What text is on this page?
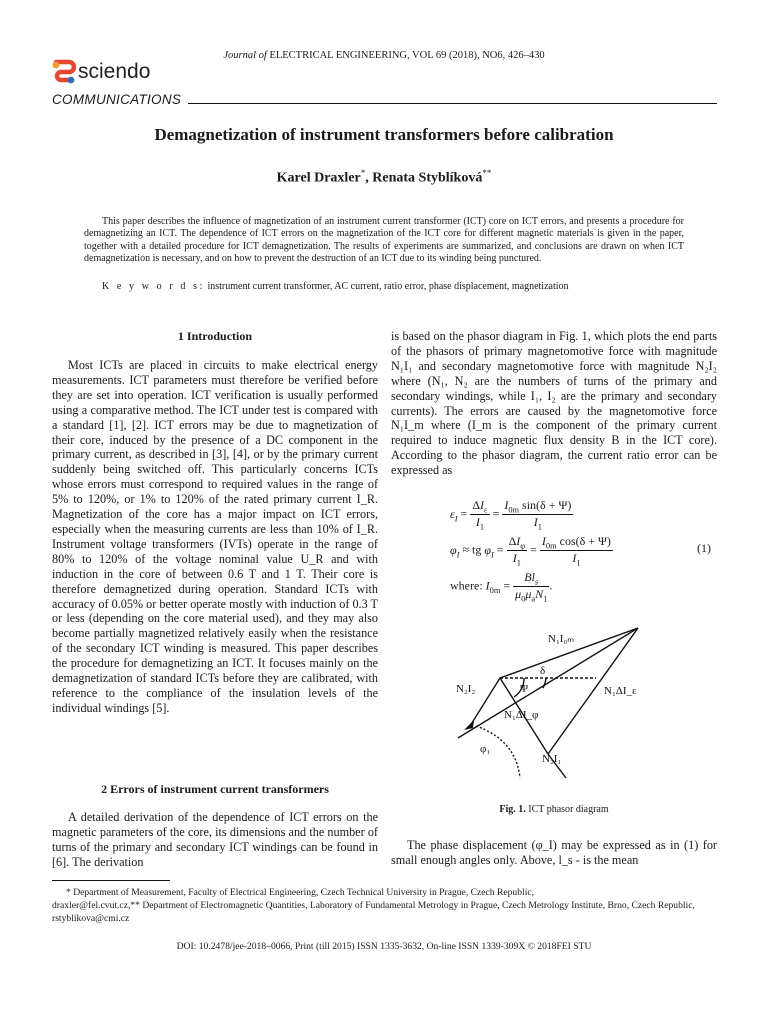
Journal of ELECTRICAL ENGINEERING, VOL 69 (2018), NO6, 426–430
sciendo
COMMUNICATIONS
Demagnetization of instrument transformers before calibration
Karel Draxler*, Renata Styblíková**
This paper describes the influence of magnetization of an instrument current transformer (ICT) core on ICT errors, and presents a procedure for demagnetizing an ICT. The dependence of ICT errors on the magnetization of the ICT core for different magnetic materials is given in the paper, together with a detailed procedure for ICT demagnetization. The results of experiments are summarized, and conclusions are drawn on when ICT demagnetization is necessary, and on how to prevent the destruction of an ICT due to its winding being punctured.
K e y w o r d s: instrument current transformer, AC current, ratio error, phase displacement, magnetization
1 Introduction

Most ICTs are placed in circuits to make electrical energy measurements. ICT parameters must therefore be verified before they are set into operation. ICT verification is usually performed using a comparative method. The ICT under test is compared with a standard [1], [2]. ICT errors may be due to magnetization of their core, induced by the presence of a DC component in the primary current, as described in [3], [4], or by the primary current suddenly being switched off. This particularly concerns ICTs whose errors must correspond to required values in the range of 5% to 120%, or 1% to 120% of the rated primary current I_R. Magnetization of the core has a major impact on ICT errors, especially when the measuring currents are less than 10% of I_R. Instrument voltage transformers (IVTs) operate in the range of 80% to 120% of the voltage nominal value U_R and with induction in the core of between 0.6 T and 1 T. Their core is therefore demagnetized during operation. Standard ICTs with accuracy of 0.05% or better operate mostly with induction of 0.3 T or less (depending on the core material used), and they may also become partially magnetized relatively easily when the resistance of the secondary ICT winding is measured. This paper describes the procedure for demagnetizing an ICT. It focuses mainly on the demagnetization of standard ICTs before they are calibrated, with reference to the compliance of the insulation levels of the individual windings [5].

2 Errors of instrument current transformers

A detailed derivation of the dependence of ICT errors on the magnetic parameters of the core, its dimensions and the number of turns of the primary and secondary ICT windings can be found in [6]. The derivation

is based on the phasor diagram in Fig. 1, which plots the end parts of the phasors of primary magnetomotive force with magnitude N₁I₁ and secondary magnetomotive force with magnitude N₂I₂ where (N₁, N₂ are the numbers of turns of the primary and secondary windings, while I₁, I₂ are the primary and secondary currents). The errors are caused by the magnetomotive force N₁I_m where (I_m is the component of the primary current required to induce magnetic flux density B in the ICT core). According to the phasor diagram, the current ratio error can be expressed as

$\varepsilon_I = \frac{\Delta I_\varepsilon}{I_1} = \frac{I_{0m} \sin(\delta + \Psi)}{I_1}$
$\varphi_I$ ≈ tg $\varphi_I = \frac{\Delta I_\varphi}{I_1} = \frac{I_{0m} \cos(\delta + \Psi)}{I_1}$
where: $I_{0m} = \frac{Bl_s}{\mu_0\mu_aN_1}$ .
(1)
N₁I₀ₘ
δ
Ψ
N₂I₂	N₁ΔI_ε
N₁ΔI_φ
φ₁
N₂I₁
Fig. 1. ICT phasor diagram

The phase displacement (φ_I) may be expressed as in (1) for small enough angles only. Above, l_s - is the mean

* Department of Measurement, Faculty of Electrical Engineering, Czech Technical University in Prague, Czech Republic,
draxler@fel.cvut.cz,** Department of Electromagnetic Quantities, Laboratory of Fundamental Metrology in Prague, Czech Metrology Institute, Brno, Czech Republic, rstyblikova@cmi.cz
DOI: 10.2478/jee-2018–0066, Print (till 2015) ISSN 1335-3632, On-line ISSN 1339-309X © 2018FEI STU
